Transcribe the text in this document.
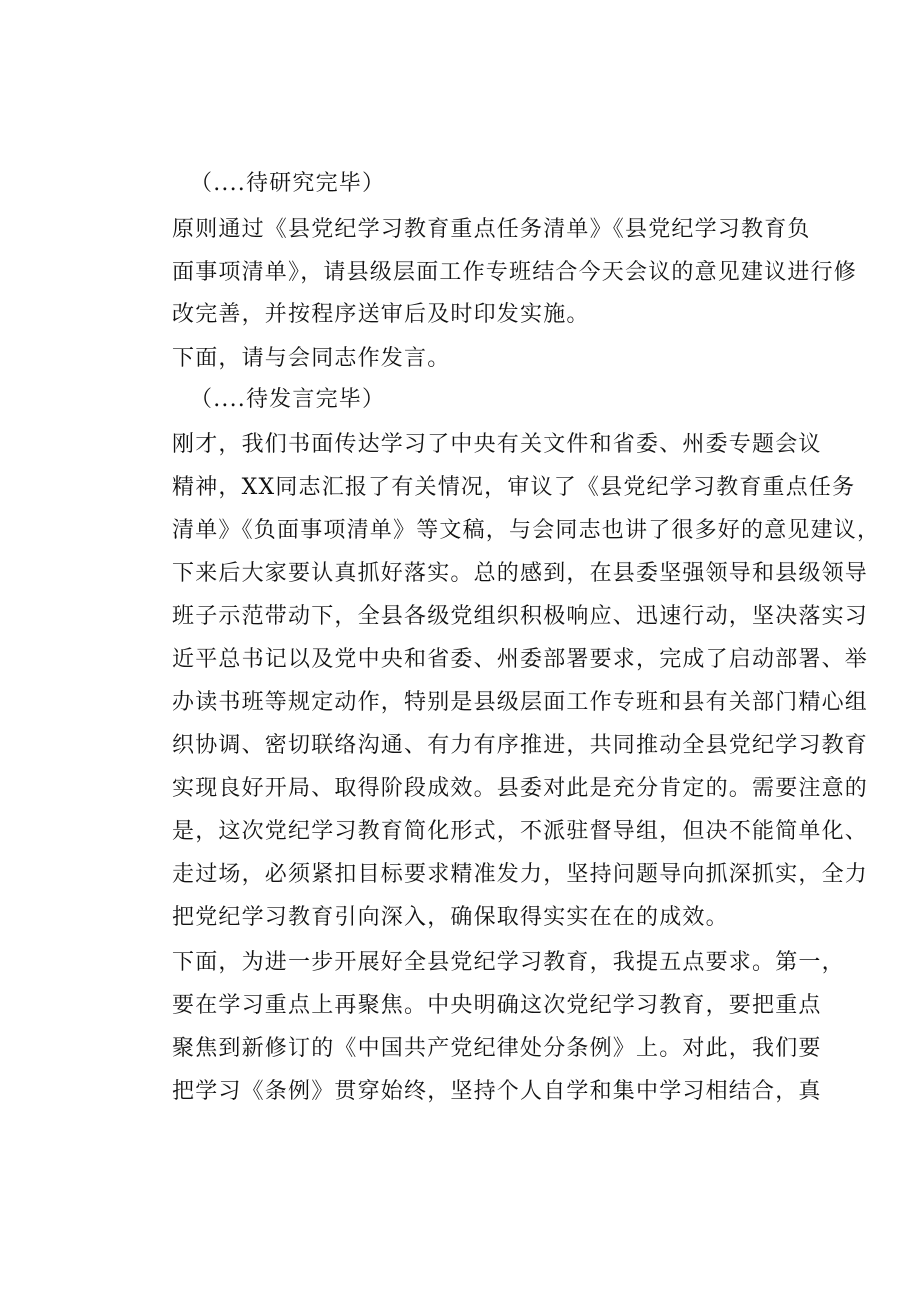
（....待研究完毕）
原则通过《县党纪学习教育重点任务清单》《县党纪学习教育负
面事项清单》，请县级层面工作专班结合今天会议的意见建议进行修
改完善，并按程序送审后及时印发实施。
下面，请与会同志作发言。
（....待发言完毕）
刚才，我们书面传达学习了中央有关文件和省委、州委专题会议
精神，XX同志汇报了有关情况，审议了《县党纪学习教育重点任务
清单》《负面事项清单》等文稿，与会同志也讲了很多好的意见建议，
下来后大家要认真抓好落实。总的感到，在县委坚强领导和县级领导
班子示范带动下，全县各级党组织积极响应、迅速行动，坚决落实习
近平总书记以及党中央和省委、州委部署要求，完成了启动部署、举
办读书班等规定动作，特别是县级层面工作专班和县有关部门精心组
织协调、密切联络沟通、有力有序推进，共同推动全县党纪学习教育
实现良好开局、取得阶段成效。县委对此是充分肯定的。需要注意的
是，这次党纪学习教育简化形式，不派驻督导组，但决不能简单化、
走过场，必须紧扣目标要求精准发力，坚持问题导向抓深抓实，全力
把党纪学习教育引向深入，确保取得实实在在的成效。
下面，为进一步开展好全县党纪学习教育，我提五点要求。第一，
要在学习重点上再聚焦。中央明确这次党纪学习教育，要把重点
聚焦到新修订的《中国共产党纪律处分条例》上。对此，我们要
把学习《条例》贯穿始终，坚持个人自学和集中学习相结合，真
